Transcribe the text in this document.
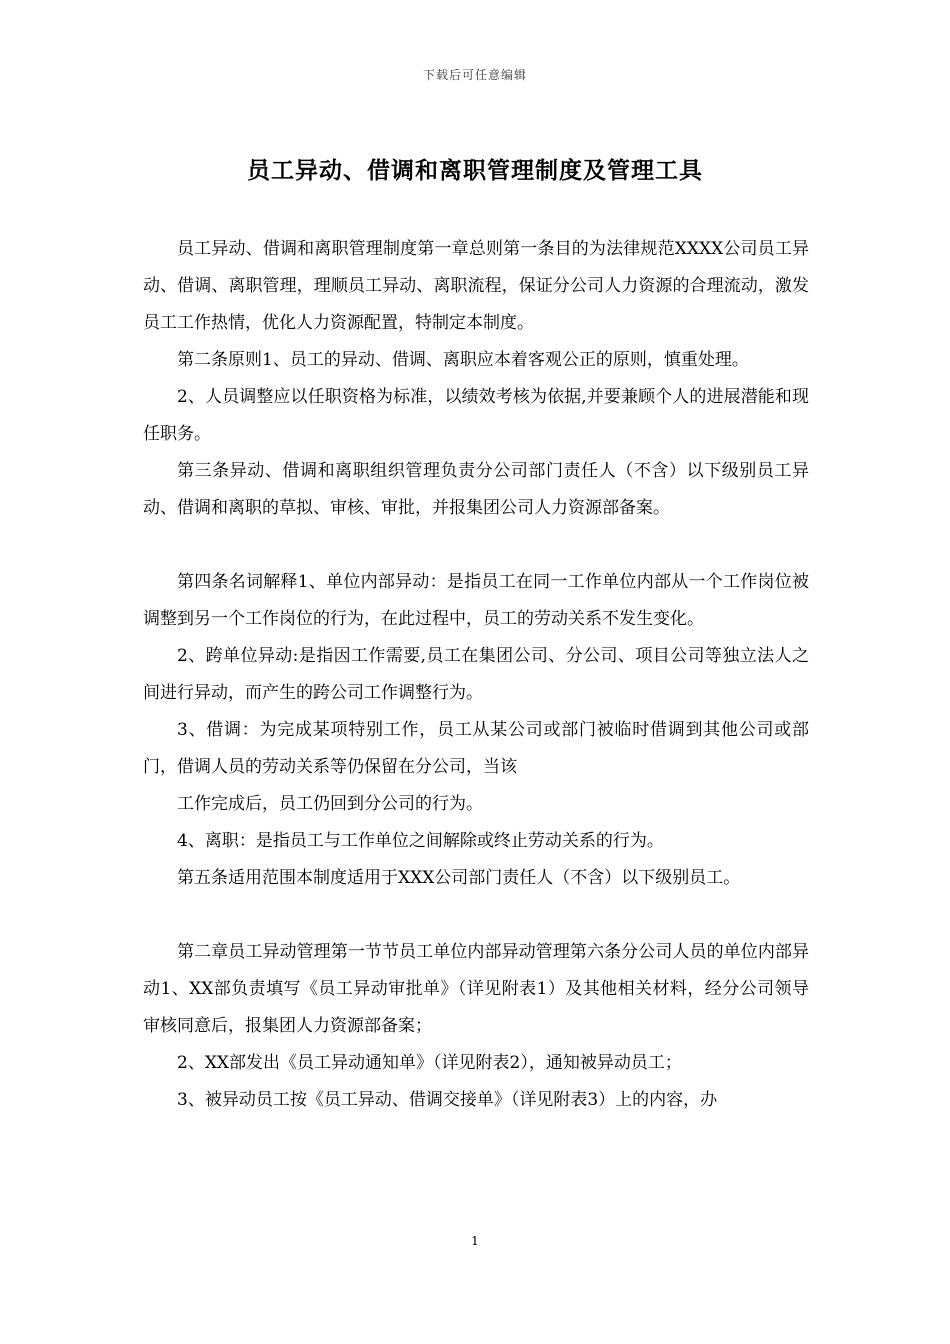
下载后可任意编辑
员工异动、借调和离职管理制度及管理工具

员工异动、借调和离职管理制度第一章总则第一条目的为法律规范XXXX公司员工异动、借调、离职管理，理顺员工异动、离职流程，保证分公司人力资源的合理流动，激发员工工作热情，优化人力资源配置，特制定本制度。

第二条原则1、员工的异动、借调、离职应本着客观公正的原则，慎重处理。

2、人员调整应以任职资格为标准，以绩效考核为依据,并要兼顾个人的进展潜能和现任职务。

第三条异动、借调和离职组织管理负责分公司部门责任人（不含）以下级别员工异动、借调和离职的草拟、审核、审批，并报集团公司人力资源部备案。

第四条名词解释1、单位内部异动：是指员工在同一工作单位内部从一个工作岗位被调整到另一个工作岗位的行为，在此过程中，员工的劳动关系不发生变化。

2、跨单位异动:是指因工作需要,员工在集团公司、分公司、项目公司等独立法人之间进行异动，而产生的跨公司工作调整行为。

3、借调：为完成某项特别工作，员工从某公司或部门被临时借调到其他公司或部门，借调人员的劳动关系等仍保留在分公司，当该

工作完成后，员工仍回到分公司的行为。

4、离职：是指员工与工作单位之间解除或终止劳动关系的行为。

第五条适用范围本制度适用于XXX公司部门责任人（不含）以下级别员工。

第二章员工异动管理第一节节员工单位内部异动管理第六条分公司人员的单位内部异动1、XX部负责填写《员工异动审批单》（详见附表1）及其他相关材料，经分公司领导审核同意后，报集团人力资源部备案；

2、XX部发出《员工异动通知单》（详见附表2），通知被异动员工；

3、被异动员工按《员工异动、借调交接单》（详见附表3）上的内容，办

1
